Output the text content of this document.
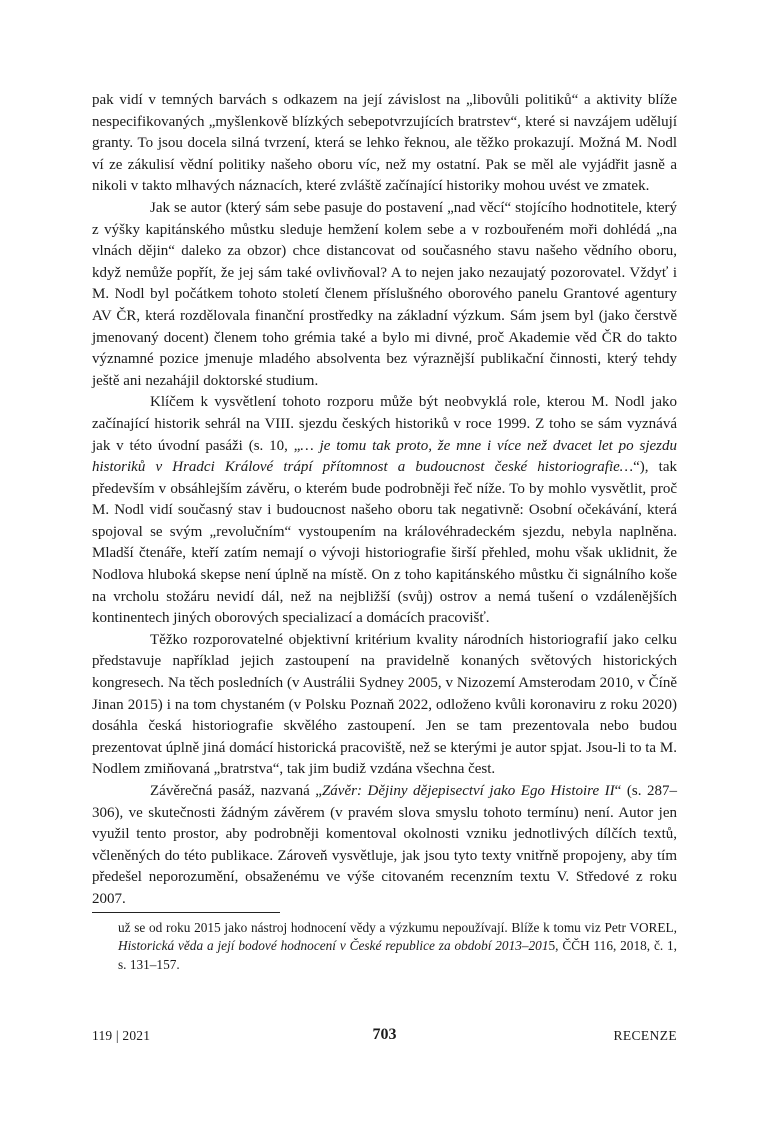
pak vidí v temných barvách s odkazem na její závislost na „libovůli politiků“ a aktivity blíže nespecifikovaných „myšlenkově blízkých sebepotvrzujících bratrstev“, které si navzájem udělují granty. To jsou docela silná tvrzení, která se lehko řeknou, ale těžko prokazují. Možná M. Nodl ví ze zákulisí vědní politiky našeho oboru víc, než my ostatní. Pak se měl ale vyjádřit jasně a nikoli v takto mlhavých náznacích, které zvláště začínající historiky mohou uvést ve zmatek.

Jak se autor (který sám sebe pasuje do postavení „nad věcí“ stojícího hodnotitele, který z výšky kapitánského můstku sleduje hemžení kolem sebe a v rozbouřeném moři dohlédá „na vlnách dějin“ daleko za obzor) chce distancovat od současného stavu našeho vědního oboru, když nemůže popřít, že jej sám také ovlivňoval? A to nejen jako nezaujatý pozorovatel. Vždyť i M. Nodl byl počátkem tohoto století členem příslušného oborového panelu Grantové agentury AV ČR, která rozdělovala finanční prostředky na základní výzkum. Sám jsem byl (jako čerstvě jmenovaný docent) členem toho grémia také a bylo mi divné, proč Akademie věd ČR do takto významné pozice jmenuje mladého absolventa bez výraznější publikační činnosti, který tehdy ještě ani nezahájil doktorské studium.

Klíčem k vysvětlení tohoto rozporu může být neobvyklá role, kterou M. Nodl jako začínající historik sehrál na VIII. sjezdu českých historiků v roce 1999. Z toho se sám vyznává jak v této úvodní pasáži (s. 10, „… je tomu tak proto, že mne i více než dvacet let po sjezdu historiků v Hradci Králové trápí přítomnost a budoucnost české historiografie…“), tak především v obsáhlejším závěru, o kterém bude podrobněji řeč níže. To by mohlo vysvětlit, proč M. Nodl vidí současný stav i budoucnost našeho oboru tak negativně: Osobní očekávání, která spojoval se svým „revolučním“ vystoupením na královéhradeckém sjezdu, nebyla naplněna. Mladší čtenáře, kteří zatím nemají o vývoji historiografie širší přehled, mohu však uklidnit, že Nodlova hluboká skepse není úplně na místě. On z toho kapitánského můstku či signálního koše na vrcholu stožáru nevidí dál, než na nejbližší (svůj) ostrov a nemá tušení o vzdálenějších kontinentech jiných oborových specializací a domácích pracovišť.

Těžko rozporovatelné objektivní kritérium kvality národních historiografií jako celku představuje například jejich zastoupení na pravidelně konaných světových historických kongresech. Na těch posledních (v Austrálii Sydney 2005, v Nizozemí Amsterodam 2010, v Číně Jinan 2015) i na tom chystaném (v Polsku Poznaň 2022, odloženo kvůli koronaviru z roku 2020) dosáhla česká historiografie skvělého zastoupení. Jen se tam prezentovala nebo budou prezentovat úplně jiná domácí historická pracoviště, než se kterými je autor spjat. Jsou-li to ta M. Nodlem zmiňovaná „bratrstva“, tak jim budiž vzdána všechna čest.

Závěrečná pasáž, nazvaná „Závěr: Dějiny dějepisectví jako Ego Histoire II“ (s. 287–306), ve skutečnosti žádným závěrem (v pravém slova smyslu tohoto termínu) není. Autor jen využil tento prostor, aby podrobněji komentoval okolnosti vzniku jednotlivých dílčích textů, včleněných do této publikace. Zároveň vysvětluje, jak jsou tyto texty vnitřně propojeny, aby tím předešel neporozumění, obsaženému ve výše citovaném recenzním textu V. Středové z roku 2007.

už se od roku 2015 jako nástroj hodnocení vědy a výzkumu nepoužívají. Blíže k tomu viz Petr VOREL, Historická věda a její bodové hodnocení v České republice za období 2013–2015, ČČH 116, 2018, č. 1, s. 131–157.

119 | 2021	703	RECENZE
